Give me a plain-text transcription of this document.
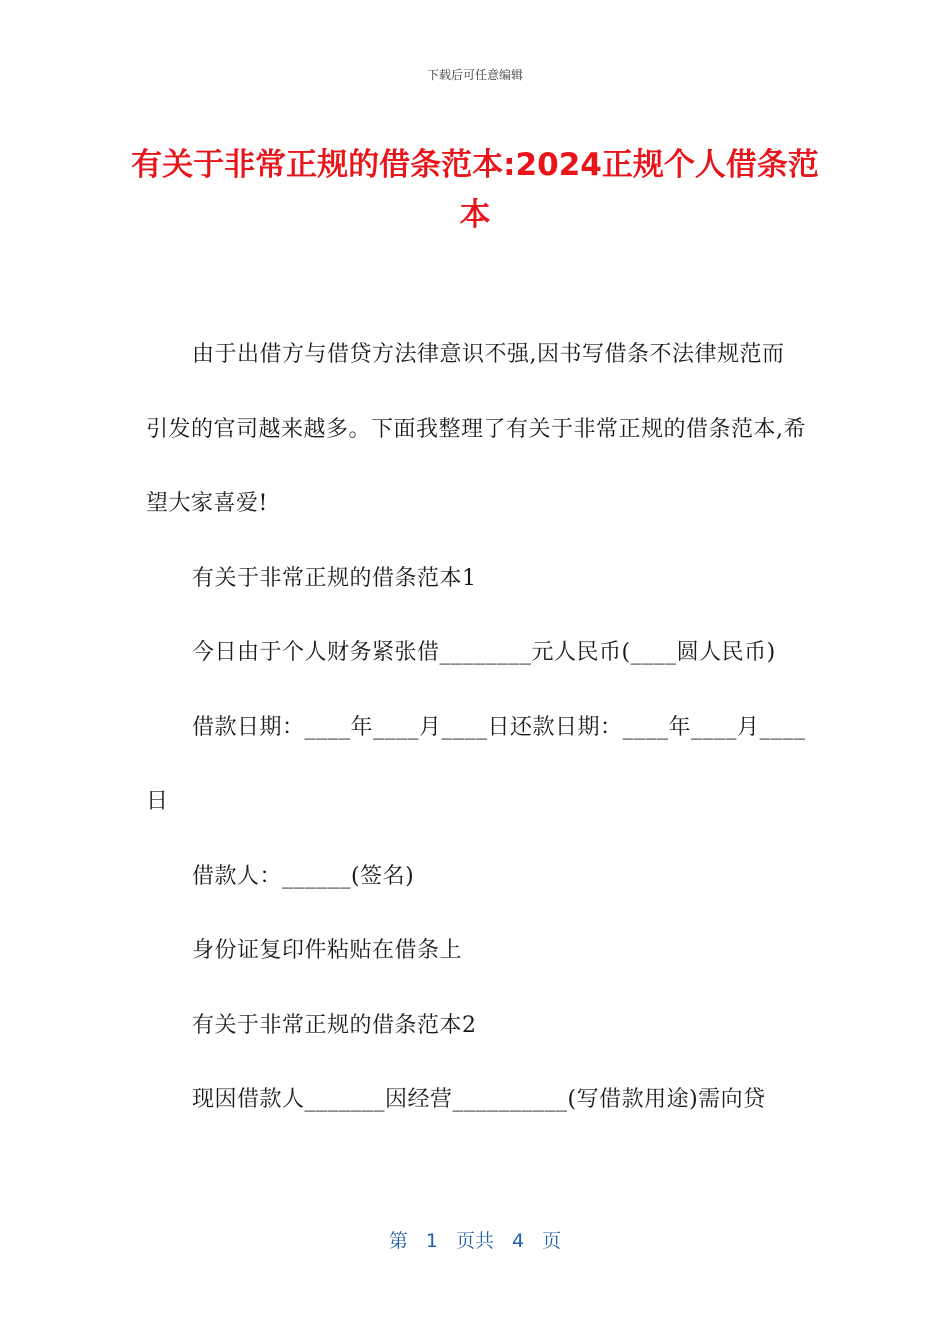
下载后可任意编辑
有关于非常正规的借条范本:2024正规个人借条范本

由于出借方与借贷方法律意识不强,因书写借条不法律规范而引发的官司越来越多。下面我整理了有关于非常正规的借条范本,希望大家喜爱!

有关于非常正规的借条范本1

今日由于个人财务紧张借________元人民币(____圆人民币)

借款日期：____年____月____日还款日期：____年____月____日

借款人：______(签名)

身份证复印件粘贴在借条上

有关于非常正规的借条范本2

现因借款人_______因经营__________(写借款用途)需向贷

第 1 页共 4 页
